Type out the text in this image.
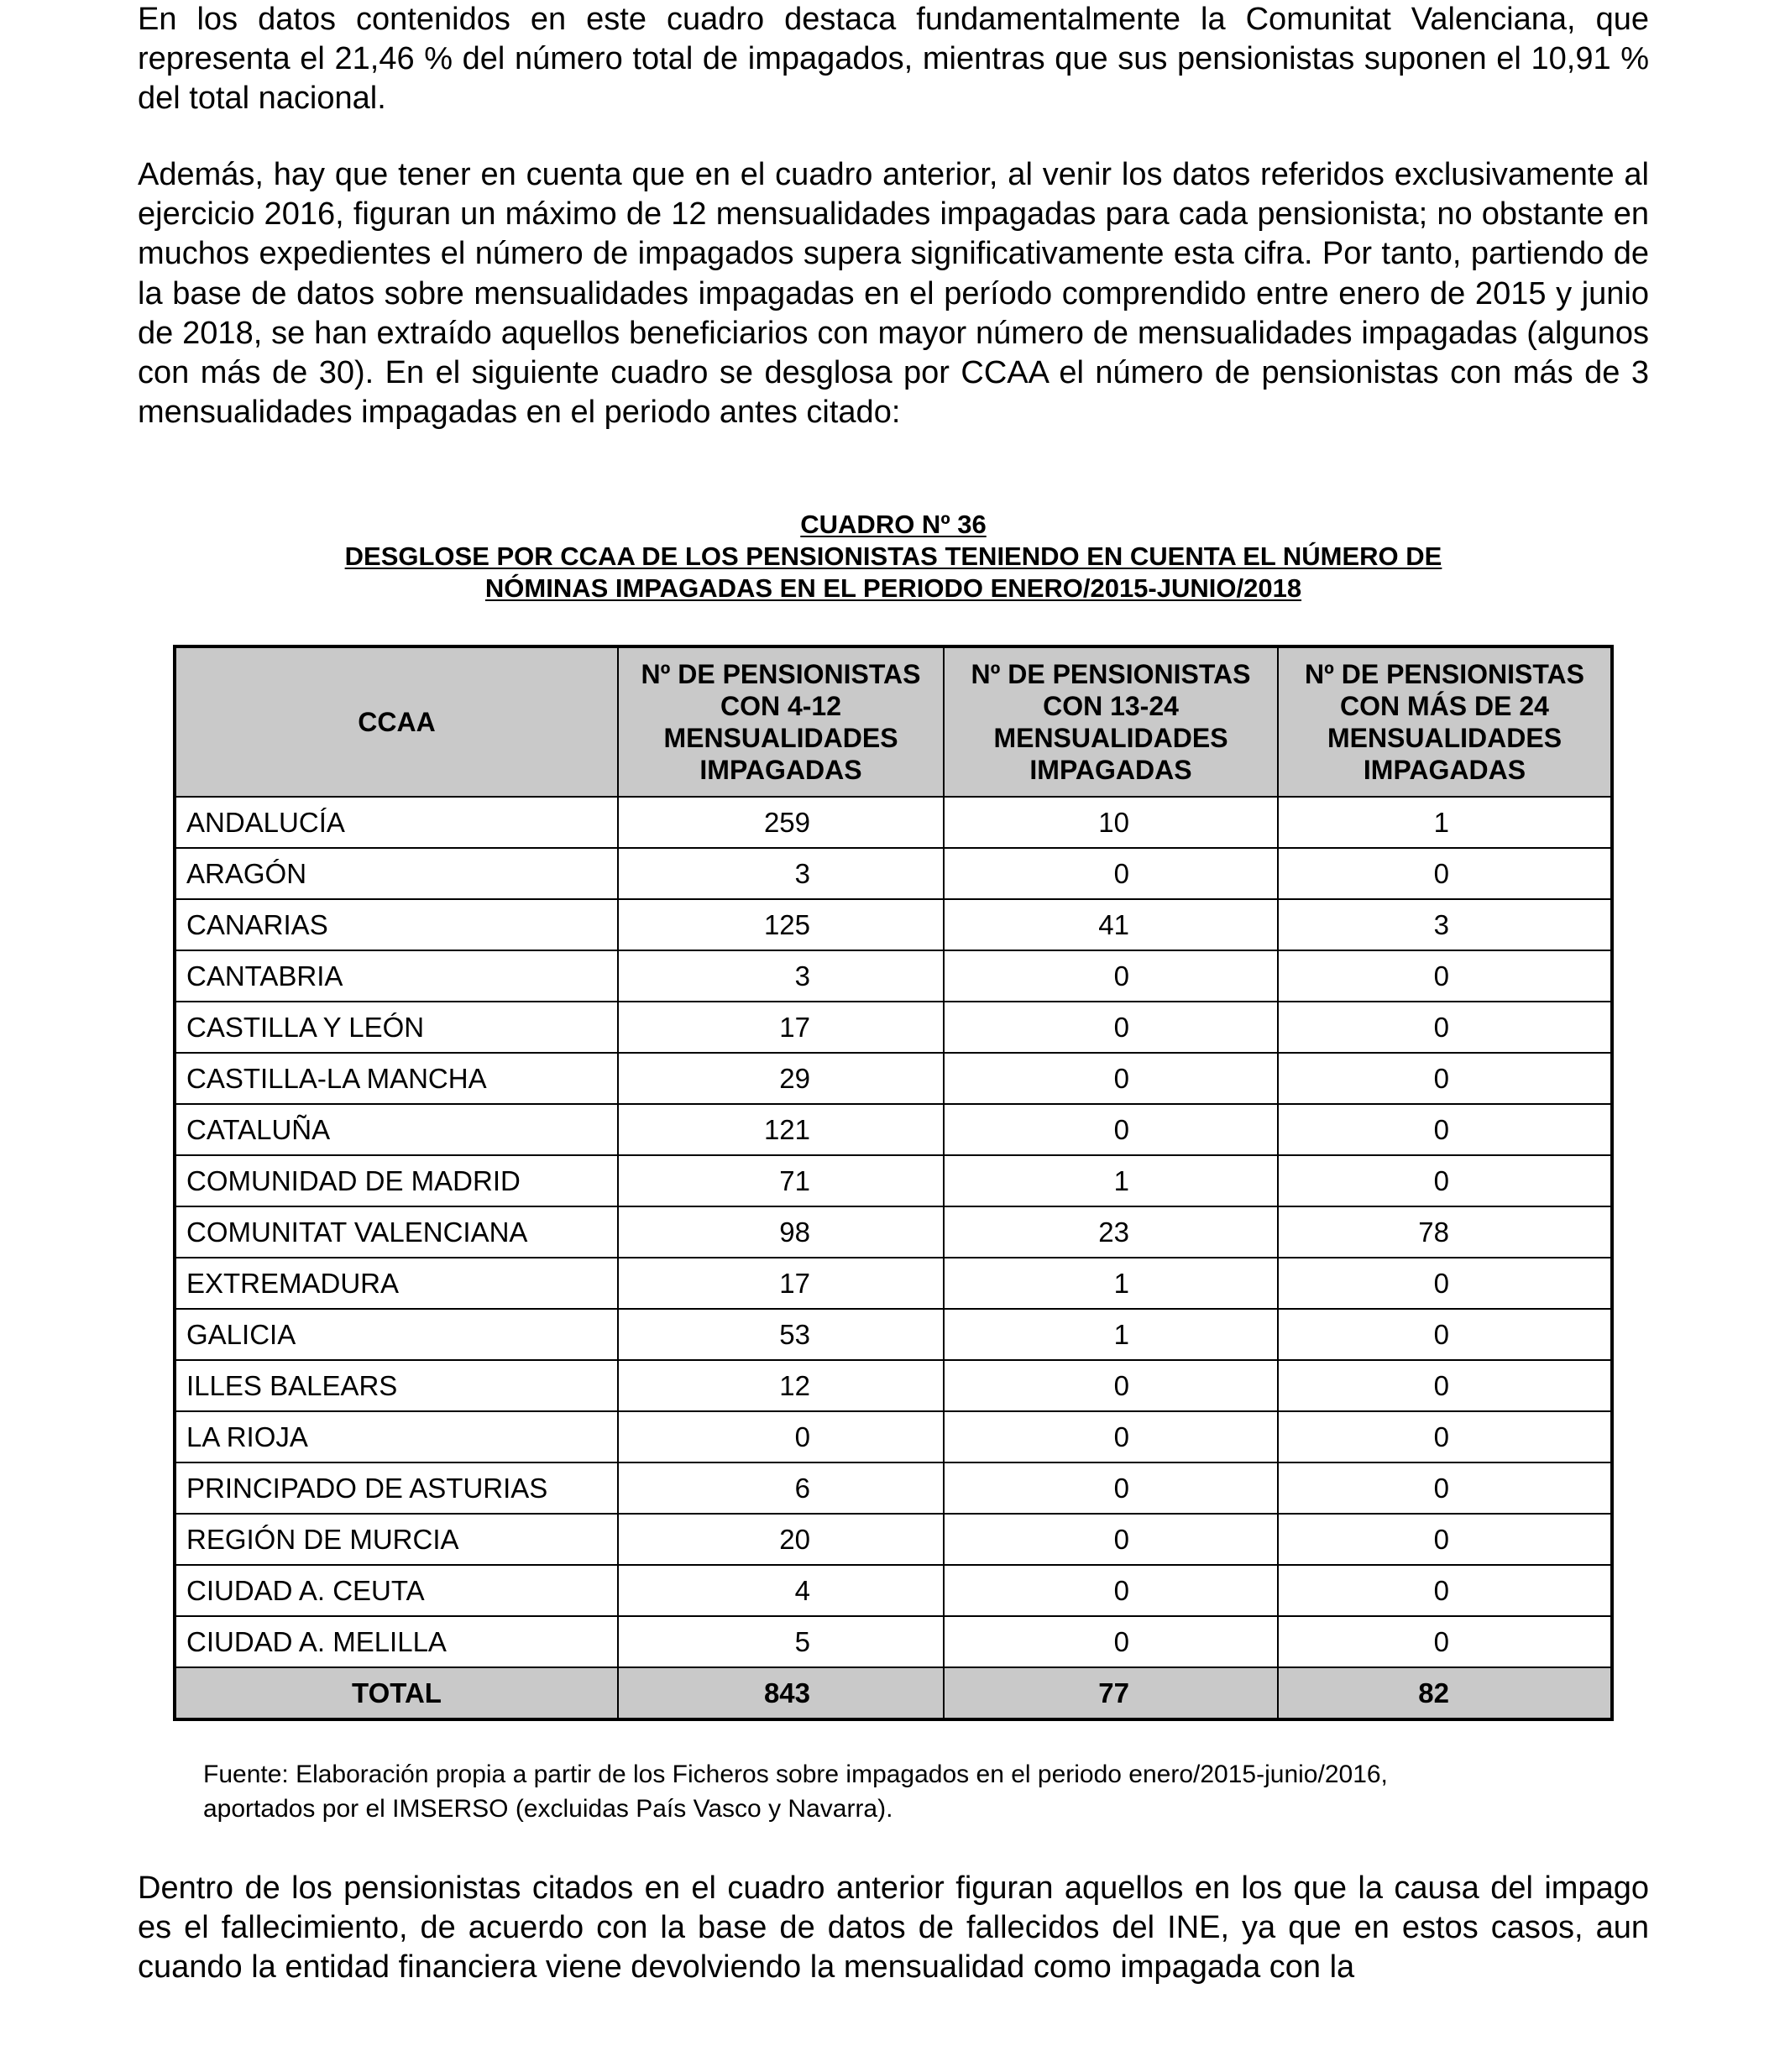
En los datos contenidos en este cuadro destaca fundamentalmente la Comunitat Valenciana, que representa el 21,46 % del número total de impagados, mientras que sus pensionistas suponen el 10,91 % del total nacional.

Además, hay que tener en cuenta que en el cuadro anterior, al venir los datos referidos exclusivamente al ejercicio 2016, figuran un máximo de 12 mensualidades impagadas para cada pensionista; no obstante en muchos expedientes el número de impagados supera significativamente esta cifra. Por tanto, partiendo de la base de datos sobre mensualidades impagadas en el período comprendido entre enero de 2015 y junio de 2018, se han extraído aquellos beneficiarios con mayor número de mensualidades impagadas (algunos con más de 30). En el siguiente cuadro se desglosa por CCAA el número de pensionistas con más de 3 mensualidades impagadas en el periodo antes citado:

CUADRO Nº 36
DESGLOSE POR CCAA DE LOS PENSIONISTAS TENIENDO EN CUENTA EL NÚMERO DE
NÓMINAS IMPAGADAS EN EL PERIODO ENERO/2015-JUNIO/2018
CCAA	Nº DE PENSIONISTAS
CON 4-12
MENSUALIDADES
IMPAGADAS	Nº DE PENSIONISTAS
CON 13-24
MENSUALIDADES
IMPAGADAS	Nº DE PENSIONISTAS
CON MÁS DE 24
MENSUALIDADES
IMPAGADAS
ANDALUCÍA	259	10	1
ARAGÓN	3	0	0
CANARIAS	125	41	3
CANTABRIA	3	0	0
CASTILLA Y LEÓN	17	0	0
CASTILLA-LA MANCHA	29	0	0
CATALUÑA	121	0	0
COMUNIDAD DE MADRID	71	1	0
COMUNITAT VALENCIANA	98	23	78
EXTREMADURA	17	1	0
GALICIA	53	1	0
ILLES BALEARS	12	0	0
LA RIOJA	0	0	0
PRINCIPADO DE ASTURIAS	6	0	0
REGIÓN DE MURCIA	20	0	0
CIUDAD A. CEUTA	4	0	0
CIUDAD A. MELILLA	5	0	0
TOTAL	843	77	82
Fuente: Elaboración propia a partir de los Ficheros sobre impagados en el periodo enero/2015-junio/2016,
aportados por el IMSERSO (excluidas País Vasco y Navarra).

Dentro de los pensionistas citados en el cuadro anterior figuran aquellos en los que la causa del impago es el fallecimiento, de acuerdo con la base de datos de fallecidos del INE, ya que en estos casos, aun cuando la entidad financiera viene devolviendo la mensualidad como impagada con la
